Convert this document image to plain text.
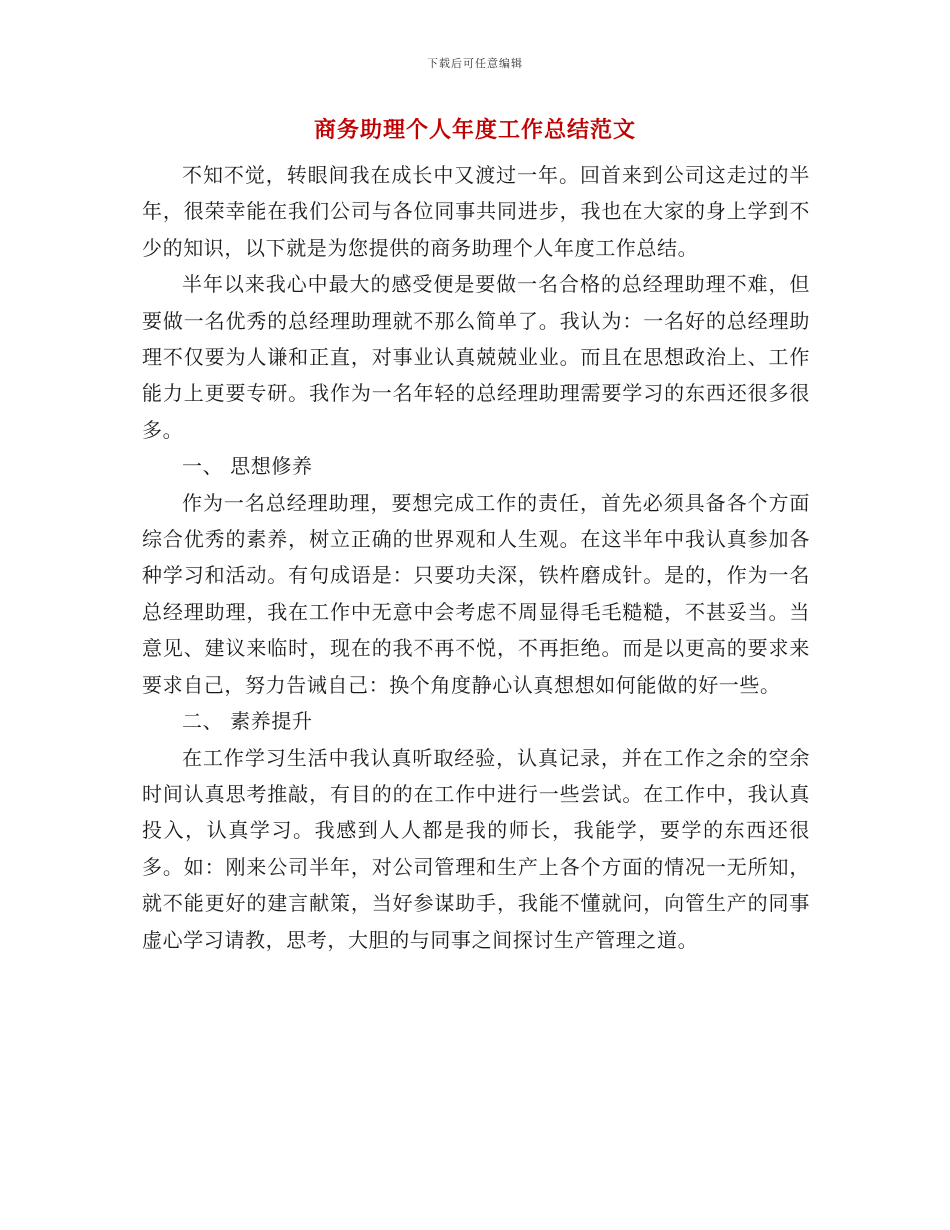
下载后可任意编辑
商务助理个人年度工作总结范文

不知不觉，转眼间我在成长中又渡过一年。回首来到公司这走过的半年，很荣幸能在我们公司与各位同事共同进步，我也在大家的身上学到不少的知识，以下就是为您提供的商务助理个人年度工作总结。

半年以来我心中最大的感受便是要做一名合格的总经理助理不难，但要做一名优秀的总经理助理就不那么简单了。我认为：一名好的总经理助理不仅要为人谦和正直，对事业认真兢兢业业。而且在思想政治上、工作能力上更要专研。我作为一名年轻的总经理助理需要学习的东西还很多很多。

一、 思想修养

作为一名总经理助理，要想完成工作的责任，首先必须具备各个方面综合优秀的素养，树立正确的世界观和人生观。在这半年中我认真参加各种学习和活动。有句成语是：只要功夫深，铁杵磨成针。是的，作为一名总经理助理，我在工作中无意中会考虑不周显得毛毛糙糙，不甚妥当。当意见、建议来临时，现在的我不再不悦，不再拒绝。而是以更高的要求来要求自己，努力告诫自己：换个角度静心认真想想如何能做的好一些。

二、 素养提升

在工作学习生活中我认真听取经验，认真记录，并在工作之余的空余时间认真思考推敲，有目的的在工作中进行一些尝试。在工作中，我认真投入，认真学习。我感到人人都是我的师长，我能学，要学的东西还很多。如：刚来公司半年，对公司管理和生产上各个方面的情况一无所知，就不能更好的建言献策，当好参谋助手，我能不懂就问，向管生产的同事虚心学习请教，思考，大胆的与同事之间探讨生产管理之道。
